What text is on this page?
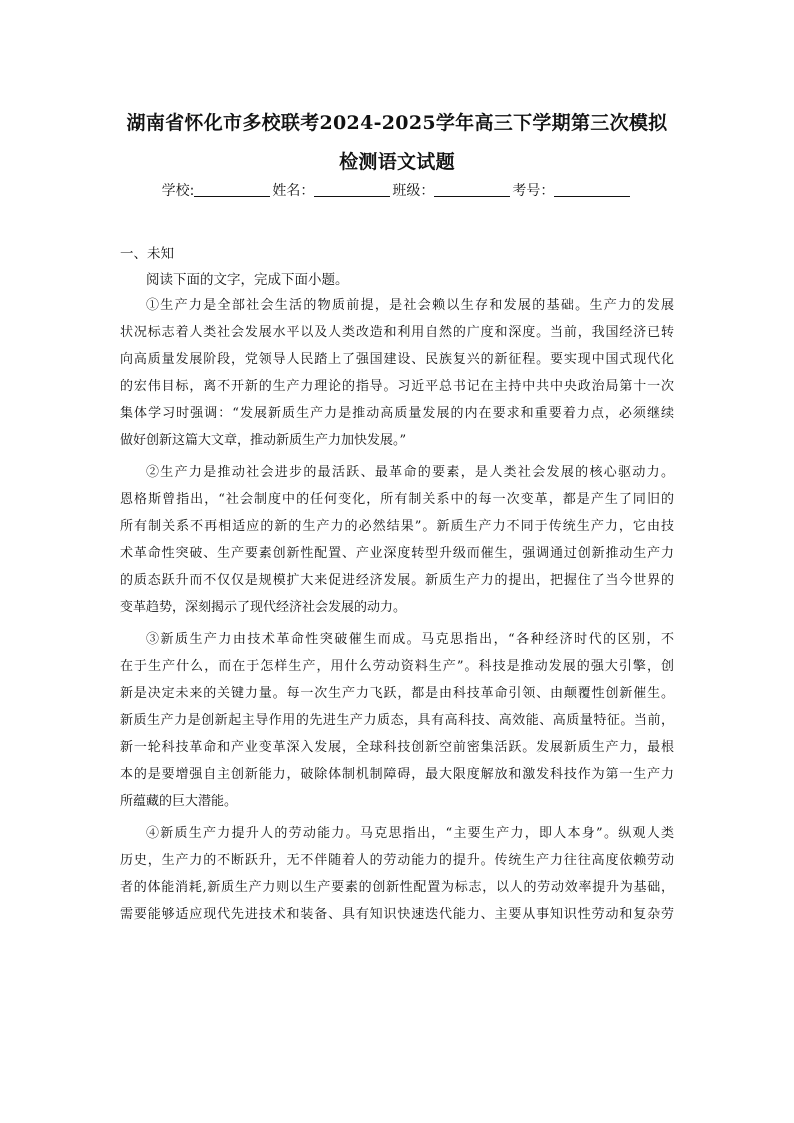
湖南省怀化市多校联考2024-2025学年高三下学期第三次模拟
检测语文试题
学校:	姓名：	班级：	考号：
一、未知
阅读下面的文字，完成下面小题。
①生产力是全部社会生活的物质前提，是社会赖以生存和发展的基础。生产力的发展
状况标志着人类社会发展水平以及人类改造和利用自然的广度和深度。当前，我国经济已转
向高质量发展阶段，党领导人民踏上了强国建设、民族复兴的新征程。要实现中国式现代化
的宏伟目标，离不开新的生产力理论的指导。习近平总书记在主持中共中央政治局第十一次
集体学习时强调：“发展新质生产力是推动高质量发展的内在要求和重要着力点，必须继续
做好创新这篇大文章，推动新质生产力加快发展。”
②生产力是推动社会进步的最活跃、最革命的要素，是人类社会发展的核心驱动力。
恩格斯曾指出，“社会制度中的任何变化，所有制关系中的每一次变革，都是产生了同旧的
所有制关系不再相适应的新的生产力的必然结果”。新质生产力不同于传统生产力，它由技
术革命性突破、生产要素创新性配置、产业深度转型升级而催生，强调通过创新推动生产力
的质态跃升而不仅仅是规模扩大来促进经济发展。新质生产力的提出，把握住了当今世界的
变革趋势，深刻揭示了现代经济社会发展的动力。
③新质生产力由技术革命性突破催生而成。马克思指出，“各种经济时代的区别，不
在于生产什么，而在于怎样生产，用什么劳动资料生产”。科技是推动发展的强大引擎，创
新是决定未来的关键力量。每一次生产力飞跃，都是由科技革命引领、由颠覆性创新催生。
新质生产力是创新起主导作用的先进生产力质态，具有高科技、高效能、高质量特征。当前，
新一轮科技革命和产业变革深入发展，全球科技创新空前密集活跃。发展新质生产力，最根
本的是要增强自主创新能力，破除体制机制障碍，最大限度解放和激发科技作为第一生产力
所蕴藏的巨大潜能。
④新质生产力提升人的劳动能力。马克思指出，“主要生产力，即人本身”。纵观人类
历史，生产力的不断跃升，无不伴随着人的劳动能力的提升。传统生产力往往高度依赖劳动
者的体能消耗,新质生产力则以生产要素的创新性配置为标志，以人的劳动效率提升为基础，
需要能够适应现代先进技术和装备、具有知识快速迭代能力、主要从事知识性劳动和复杂劳
